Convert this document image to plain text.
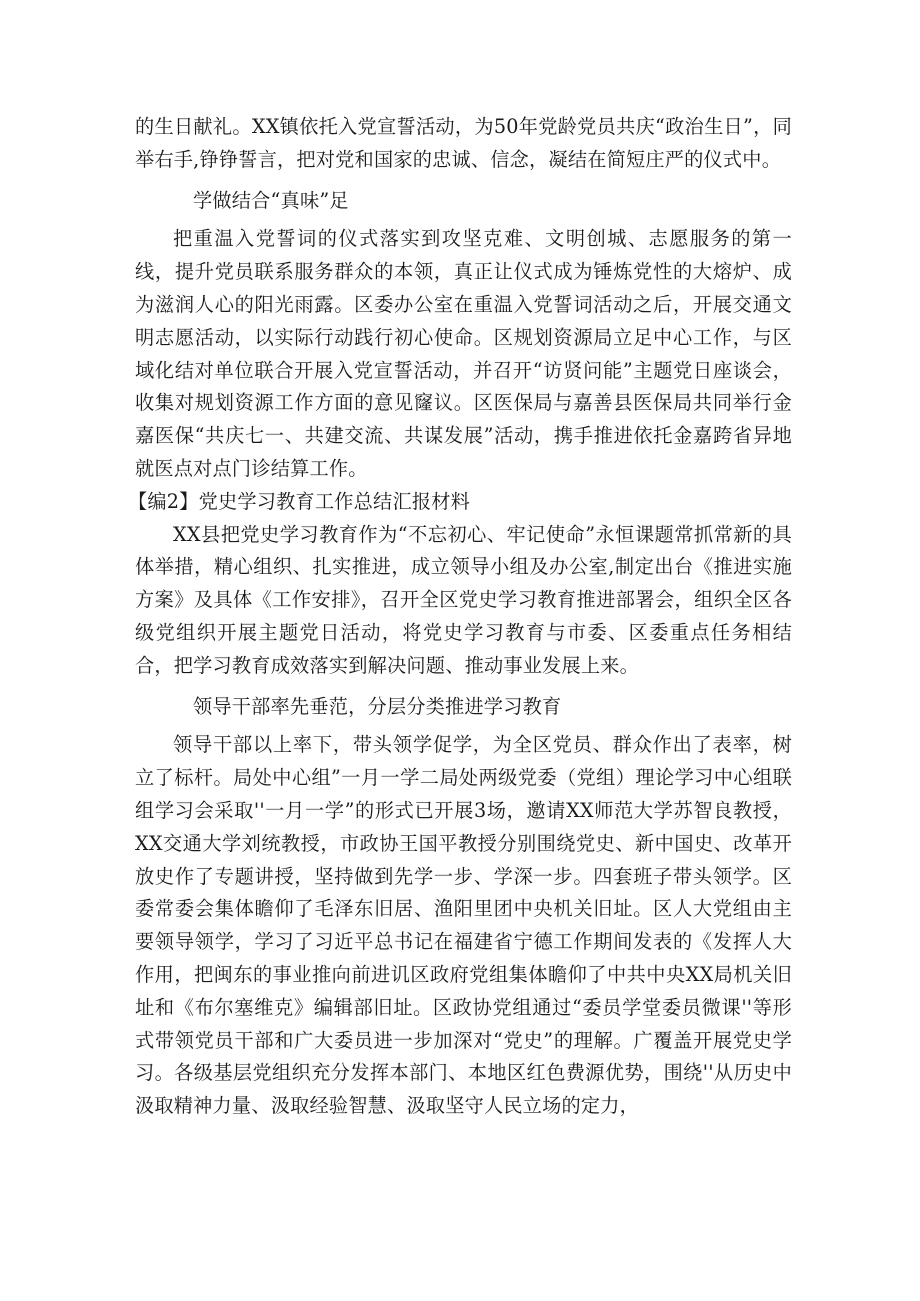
的生日献礼。XX镇依托入党宣誓活动，为50年党龄党员共庆“政治生日”，同举右手,铮铮誓言，把对党和国家的忠诚、信念，凝结在简短庄严的仪式中。

学做结合“真味”足

把重温入党誓词的仪式落实到攻坚克难、文明创城、志愿服务的第一线，提升党员联系服务群众的本领，真正让仪式成为锤炼党性的大熔炉、成为滋润人心的阳光雨露。区委办公室在重温入党誓词活动之后，开展交通文明志愿活动，以实际行动践行初心使命。区规划资源局立足中心工作，与区域化结对单位联合开展入党宣誓活动，并召开“访贤问能”主题党日座谈会，收集对规划资源工作方面的意见窿议。区医保局与嘉善县医保局共同举行金嘉医保“共庆七一、共建交流、共谋发展”活动，携手推进依托金嘉跨省异地就医点对点门诊结算工作。

【编2】党史学习教育工作总结汇报材料

XX县把党史学习教育作为“不忘初心、牢记使命”永恒课题常抓常新的具体举措，精心组织、扎实推进，成立领导小组及办公室,制定出台《推进实施方案》及具体《工作安排》，召开全区党史学习教育推进部署会，组织全区各级党组织开展主题党日活动，将党史学习教育与市委、区委重点任务相结合，把学习教育成效落实到解决问题、推动事业发展上来。

领导干部率先垂范，分层分类推进学习教育

领导干部以上率下，带头领学促学，为全区党员、群众作出了表率，树立了标杆。局处中心组”一月一学二局处两级党委（党组）理论学习中心组联组学习会采取''一月一学”的形式已开展3场，邀请XX师范大学苏智良教授，XX交通大学刘统教授，市政协王国平教授分别围绕党史、新中国史、改革开放史作了专题讲授，坚持做到先学一步、学深一步。四套班子带头领学。区委常委会集体瞻仰了毛泽东旧居、渔阳里团中央机关旧址。区人大党组由主要领导领学，学习了习近平总书记在福建省宁德工作期间发表的《发挥人大作用，把闽东的事业推向前进讥区政府党组集体瞻仰了中共中央XX局机关旧址和《布尔塞维克》编辑部旧址。区政协党组通过“委员学堂委员微课''等形式带领党员干部和广大委员进一步加深对“党史”的理解。广覆盖开展党史学习。各级基层党组织充分发挥本部门、本地区红色费源优势，围绕''从历史中汲取精神力量、汲取经验智慧、汲取坚守人民立场的定力，
